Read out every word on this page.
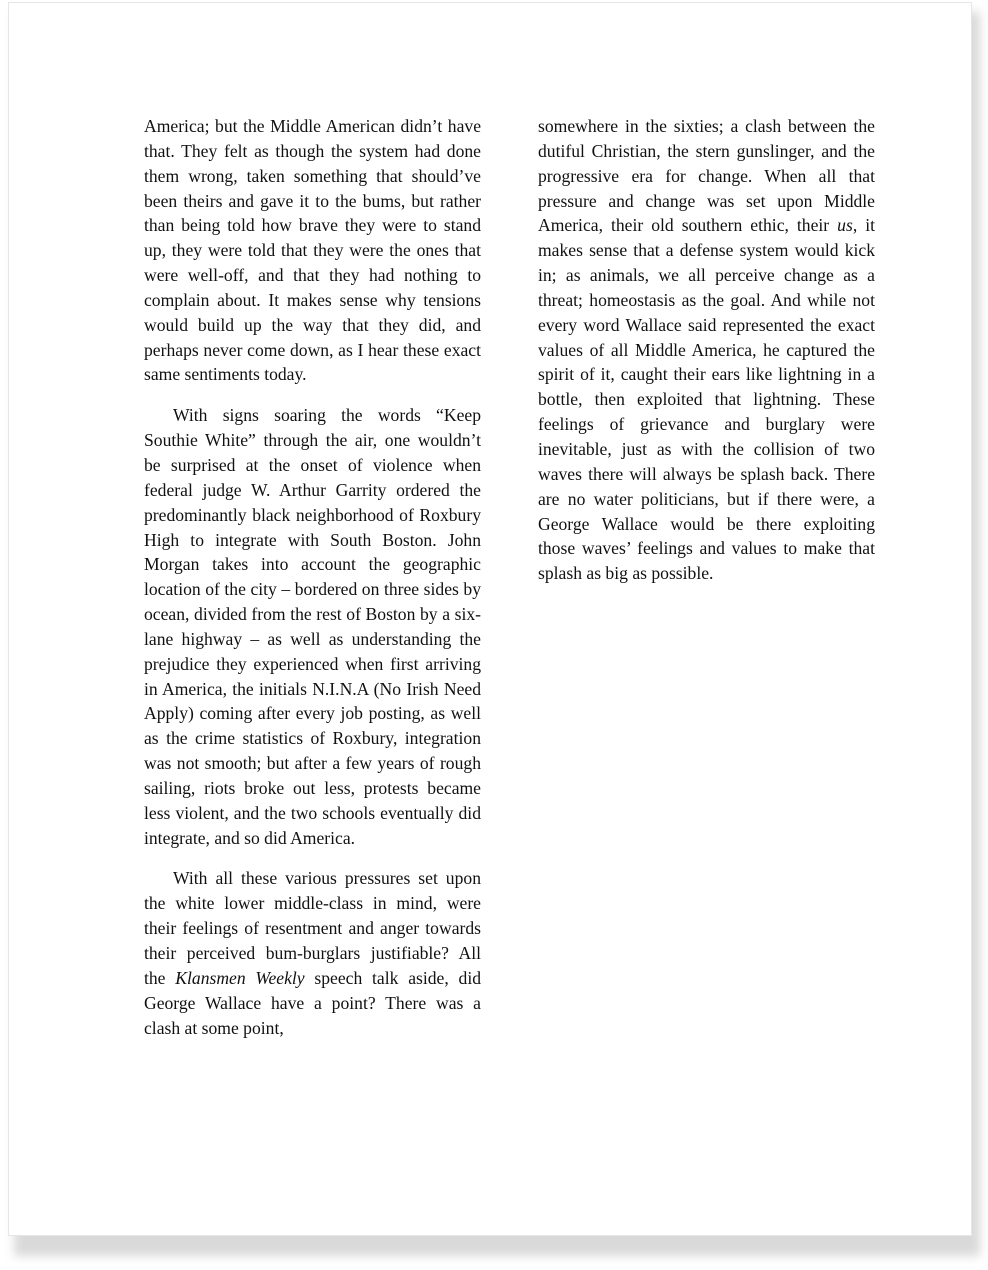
America; but the Middle American didn’t have that. They felt as though the system had done them wrong, taken something that should’ve been theirs and gave it to the bums, but rather than being told how brave they were to stand up, they were told that they were the ones that were well-off, and that they had nothing to complain about. It makes sense why tensions would build up the way that they did, and perhaps never come down, as I hear these exact same sentiments today.

With signs soaring the words “Keep Southie White” through the air, one wouldn’t be surprised at the onset of violence when federal judge W. Arthur Garrity ordered the predominantly black neighborhood of Roxbury High to integrate with South Boston. John Morgan takes into account the geographic location of the city – bordered on three sides by ocean, divided from the rest of Boston by a six-lane highway – as well as understanding the prejudice they experienced when first arriving in America, the initials N.I.N.A (No Irish Need Apply) coming after every job posting, as well as the crime statistics of Roxbury, integration was not smooth; but after a few years of rough sailing, riots broke out less, protests became less violent, and the two schools eventually did integrate, and so did America.

With all these various pressures set upon the white lower middle-class in mind, were their feelings of resentment and anger towards their perceived bum-burglars justifiable? All the Klansmen Weekly speech talk aside, did George Wallace have a point? There was a clash at some point,

somewhere in the sixties; a clash between the dutiful Christian, the stern gunslinger, and the progressive era for change. When all that pressure and change was set upon Middle America, their old southern ethic, their us, it makes sense that a defense system would kick in; as animals, we all perceive change as a threat; homeostasis as the goal. And while not every word Wallace said represented the exact values of all Middle America, he captured the spirit of it, caught their ears like lightning in a bottle, then exploited that lightning. These feelings of grievance and burglary were inevitable, just as with the collision of two waves there will always be splash back. There are no water politicians, but if there were, a George Wallace would be there exploiting those waves’ feelings and values to make that splash as big as possible.
